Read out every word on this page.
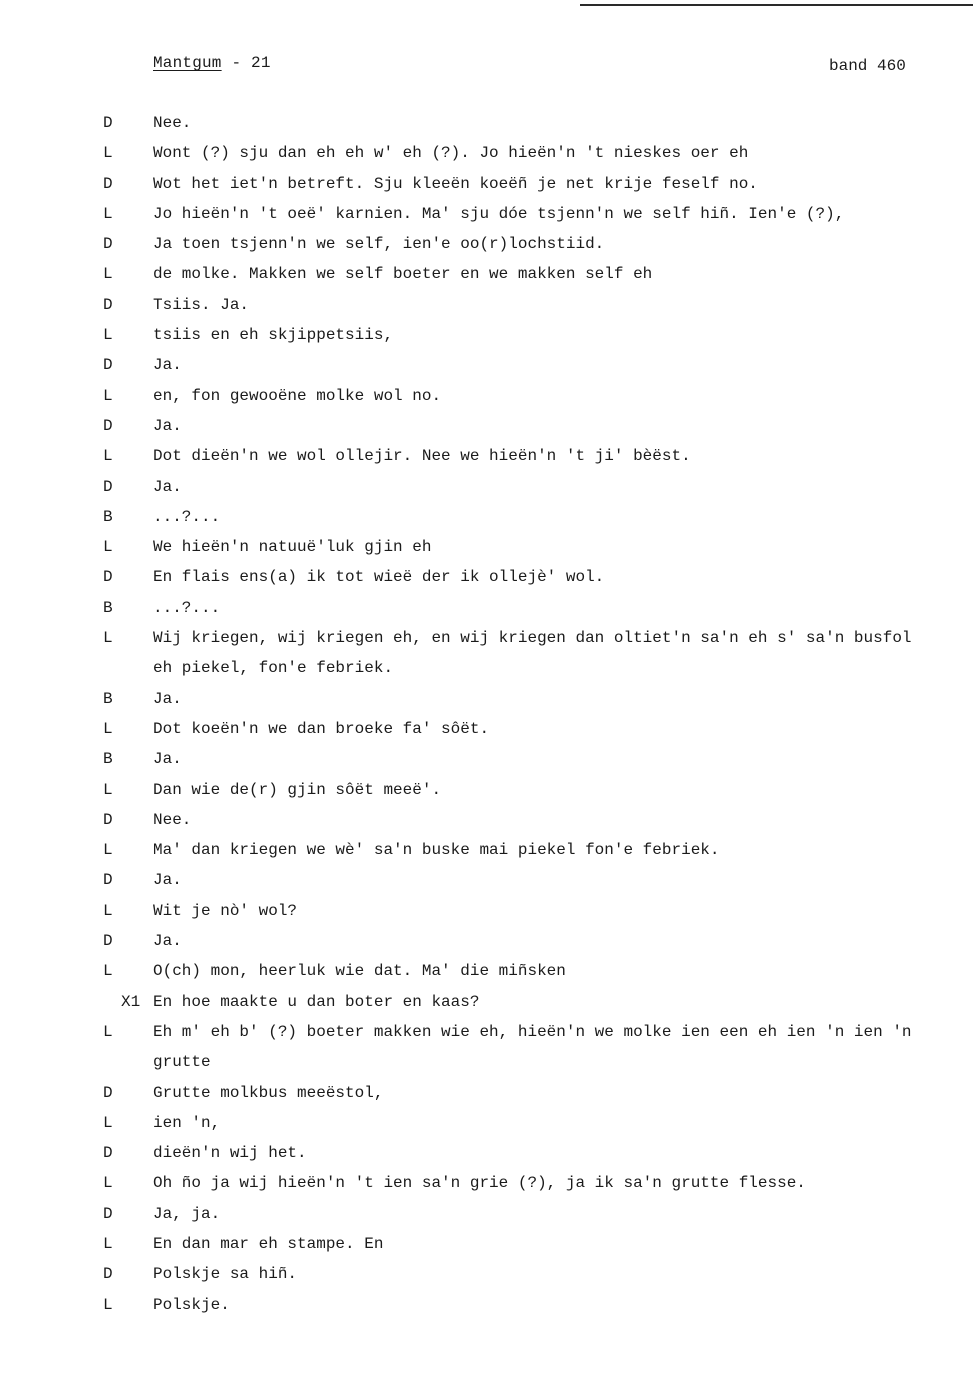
Mantgum - 21	band 460
D	Nee.
L	Wont (?) sju dan eh eh w' eh (?). Jo hieën'n 't nieskes oer eh
D	Wot het iet'n betreft. Sju kleeën koeëñ je net krije feself no.
L	Jo hieën'n 't oeë' karnien. Ma' sju dóe tsjenn'n we self hiñ. Ien'e (?),
D	Ja toen tsjenn'n we self, ien'e oo(r)lochstiid.
L	de molke. Makken we self boeter en we makken self eh
D	Tsiis. Ja.
L	tsiis en eh skjippetsiis,
D	Ja.
L	en, fon gewooëne molke wol no.
D	Ja.
L	Dot dieën'n we wol ollejir. Nee we hieën'n 't ji' bèëst.
D	Ja.
B	...?...
L	We hieën'n natuuë'luk gjin eh
D	En flais ens(a) ik tot wieë der ik ollejè' wol.
B	...?...
L	Wij kriegen, wij kriegen eh, en wij kriegen dan oltiet'n sa'n eh s' sa'n busfol
eh piekel, fon'e febriek.
B	Ja.
L	Dot koeën'n we dan broeke fa' sôët.
B	Ja.
L	Dan wie de(r) gjin sôët meeë'.
D	Nee.
L	Ma' dan kriegen we wè' sa'n buske mai piekel fon'e febriek.
D	Ja.
L	Wit je nò' wol?
D	Ja.
L	O(ch) mon, heerluk wie dat. Ma' die miñsken
X1 En hoe maakte u dan boter en kaas?
L	Eh m' eh b' (?) boeter makken wie eh, hieën'n we molke ien een eh ien 'n ien 'n
grutte
D	Grutte molkbus meeëstol,
L	ien 'n,
D	dieën'n wij het.
L	Oh ño ja wij hieën'n 't ien sa'n grie (?), ja ik sa'n grutte flesse.
D	Ja, ja.
L	En dan mar eh stampe. En
D	Polskje sa hiñ.
L	Polskje.
